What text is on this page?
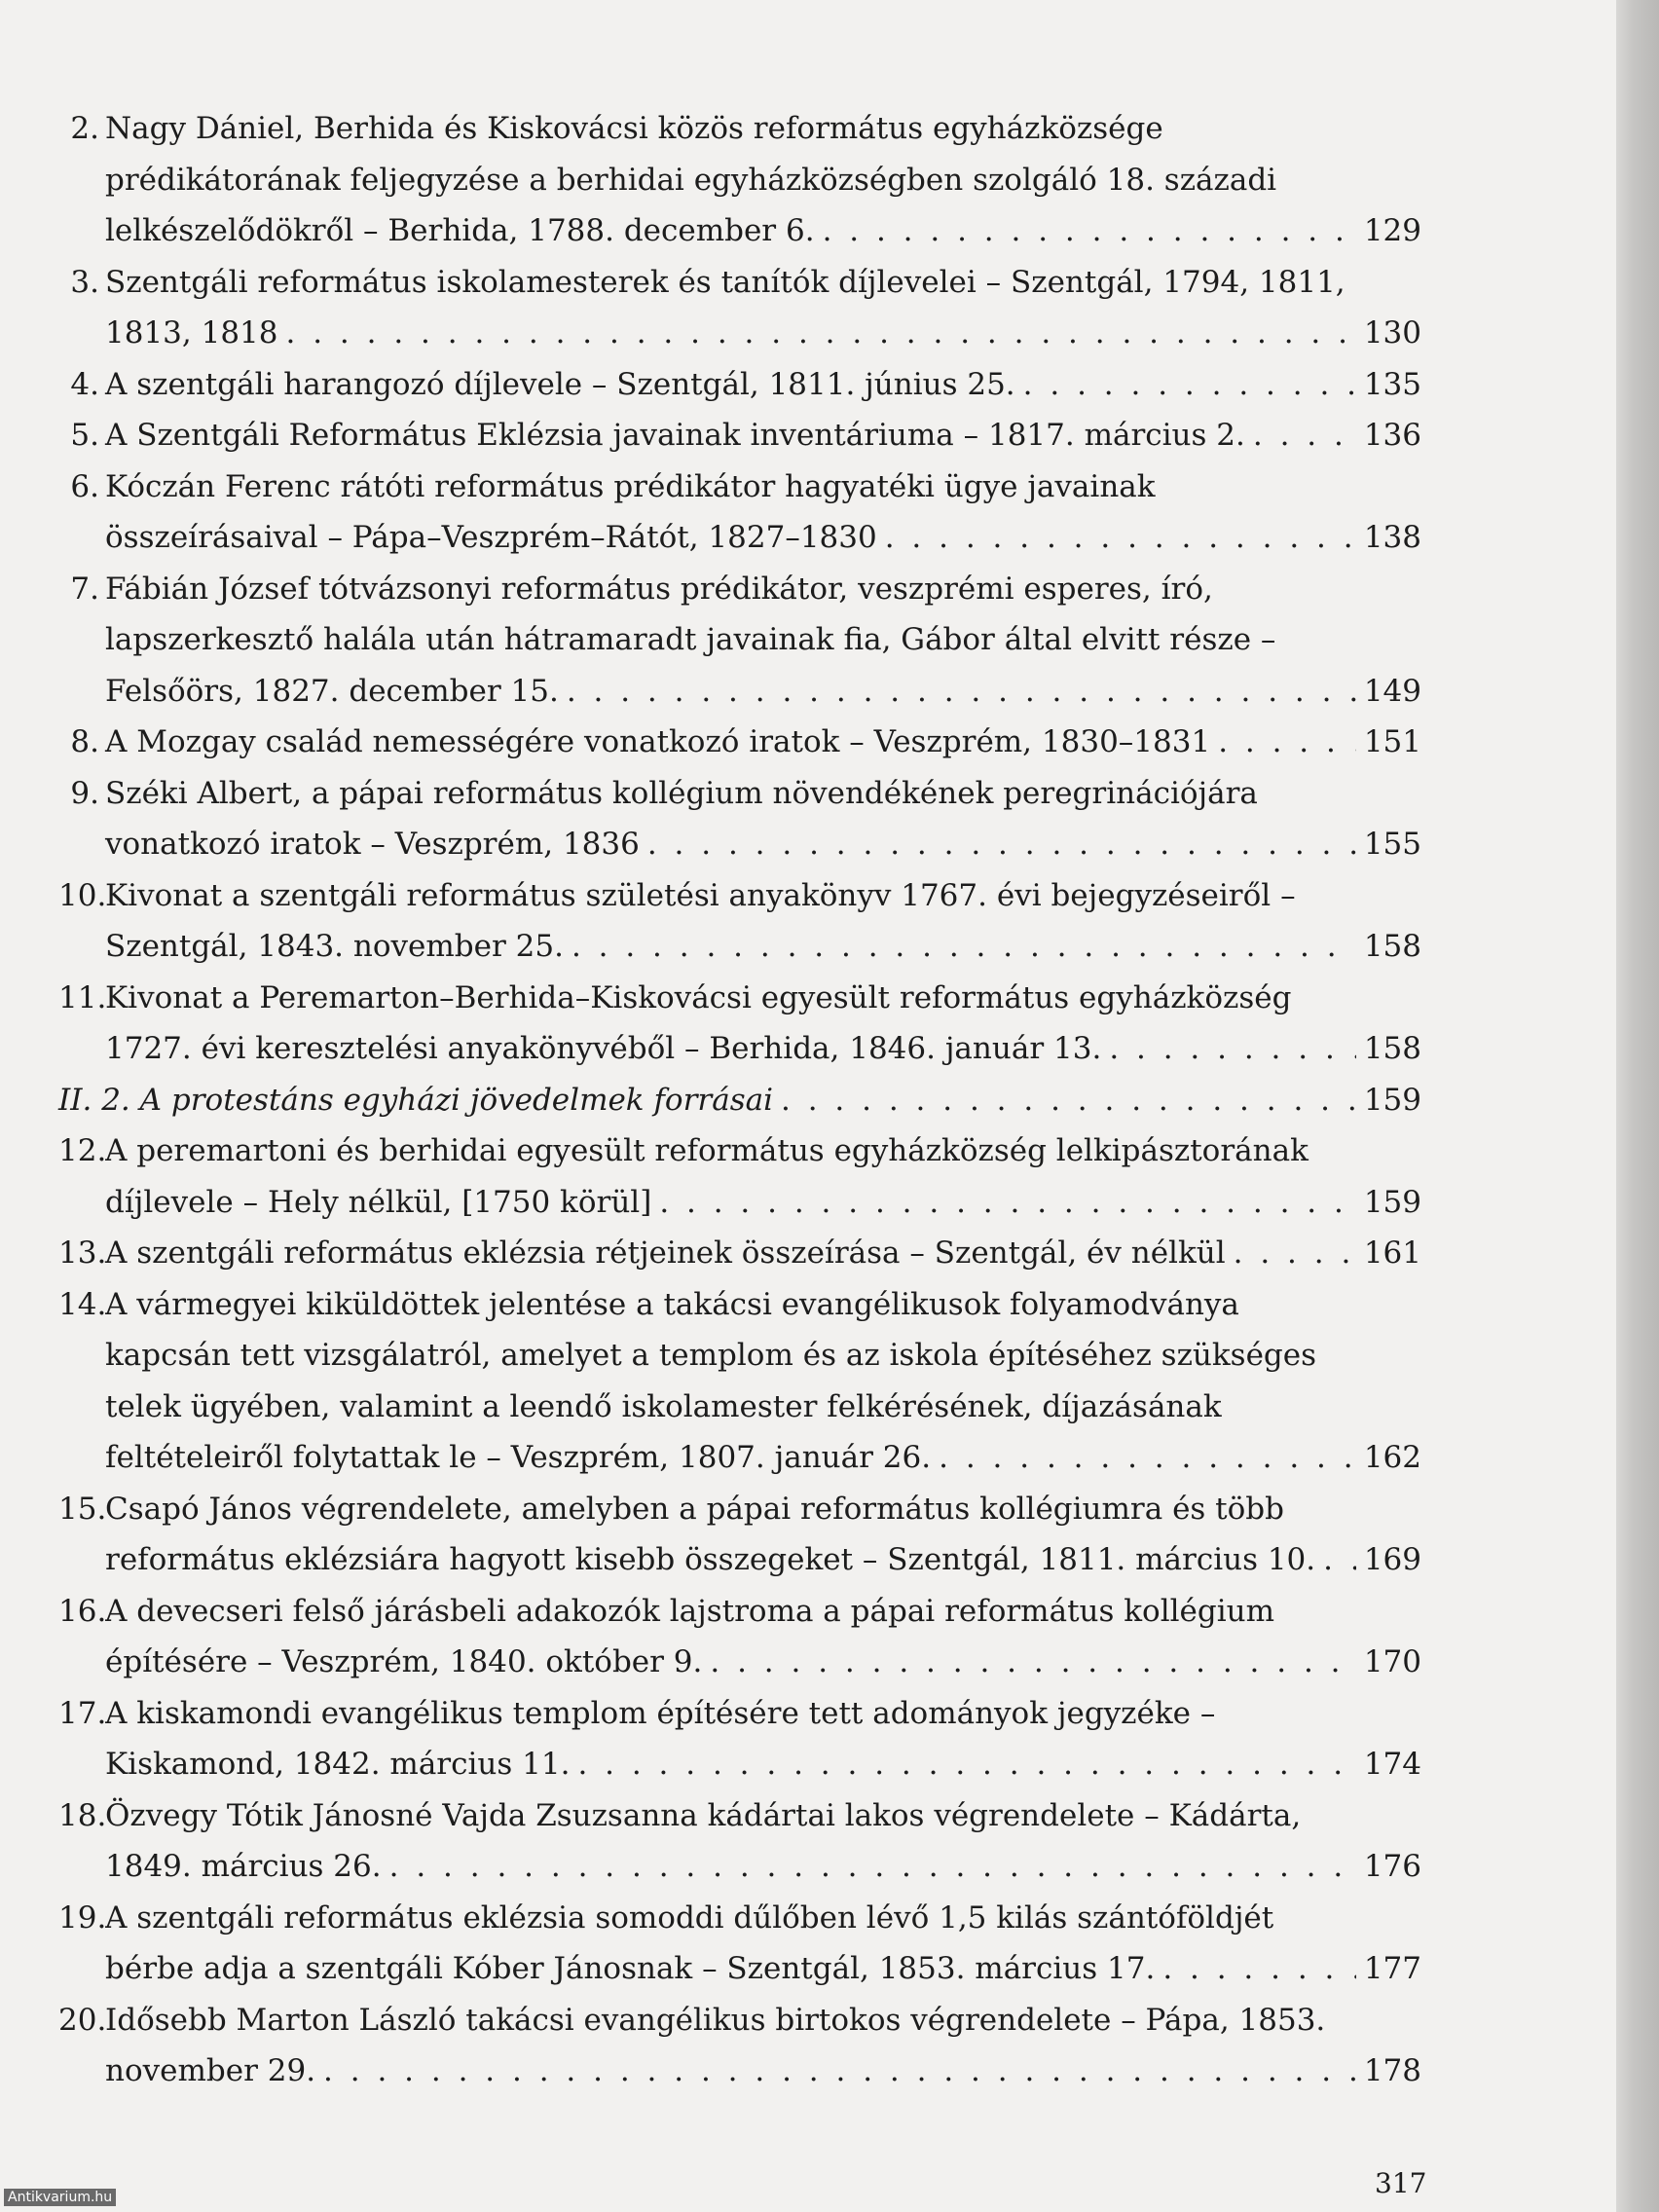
2. Nagy Dániel, Berhida és Kiskovácsi közös református egyházközsége
prédikátorának feljegyzése a berhidai egyházközségben szolgáló 18. századi
lelkészelődökről – Berhida, 1788. december 6. . . .	129
3. Szentgáli református iskolamesterek és tanítók díjlevelei – Szentgál, 1794, 1811,
1813, 1818 . . .	130
4. A szentgáli harangozó díjlevele – Szentgál, 1811. június 25. . . .	135
5. A Szentgáli Református Eklézsia javainak inventáriuma – 1817. március 2. . . .	136
6. Kóczán Ferenc rátóti református prédikátor hagyatéki ügye javainak
összeírásaival – Pápa–Veszprém–Rátót, 1827–1830 . . .	138
7. Fábián József tótvázsonyi református prédikátor, veszprémi esperes, író,
lapszerkesztő halála után hátramaradt javainak fia, Gábor által elvitt része –
Felsőörs, 1827. december 15. . . .	149
8. A Mozgay család nemességére vonatkozó iratok – Veszprém, 1830–1831 . . .	151
9. Széki Albert, a pápai református kollégium növendékének peregrinációjára
vonatkozó iratok – Veszprém, 1836 . . .	155
10.
Kivonat a szentgáli református születési anyakönyv 1767. évi bejegyzéseiről –
Szentgál, 1843. november 25. . . .	158
11.
Kivonat a Peremarton–Berhida–Kiskovácsi egyesült református egyházközség
1727. évi keresztelési anyakönyvéből – Berhida, 1846. január 13. . . .	158
II. 2. A protestáns egyházi jövedelmek forrásai . . .	159
12.
A peremartoni és berhidai egyesült református egyházközség lelkipásztorának
díjlevele – Hely nélkül, [1750 körül] . . .	159
13.
A szentgáli református eklézsia rétjeinek összeírása – Szentgál, év nélkül . . .	161
14.
A vármegyei kiküldöttek jelentése a takácsi evangélikusok folyamodványa
kapcsán tett vizsgálatról, amelyet a templom és az iskola építéséhez szükséges
telek ügyében, valamint a leendő iskolamester felkérésének, díjazásának
feltételeiről folytattak le – Veszprém, 1807. január 26. . . .	162
15.
Csapó János végrendelete, amelyben a pápai református kollégiumra és több
református eklézsiára hagyott kisebb összegeket – Szentgál, 1811. március 10. . . . 169
16.
A devecseri felső járásbeli adakozók lajstroma a pápai református kollégium
építésére – Veszprém, 1840. október 9. . . .	170
17.
A kiskamondi evangélikus templom építésére tett adományok jegyzéke –
Kiskamond, 1842. március 11. . . .	174
18.
Özvegy Tótik Jánosné Vajda Zsuzsanna kádártai lakos végrendelete – Kádárta,
1849. március 26. . . .	176
19.
A szentgáli református eklézsia somoddi dűlőben lévő 1,5 kilás szántóföldjét
bérbe adja a szentgáli Kóber Jánosnak – Szentgál, 1853. március 17. . . .	177
20.
Idősebb Marton László takácsi evangélikus birtokos végrendelete – Pápa, 1853.
november 29. . . .	178
317
Antikvarium.hu
